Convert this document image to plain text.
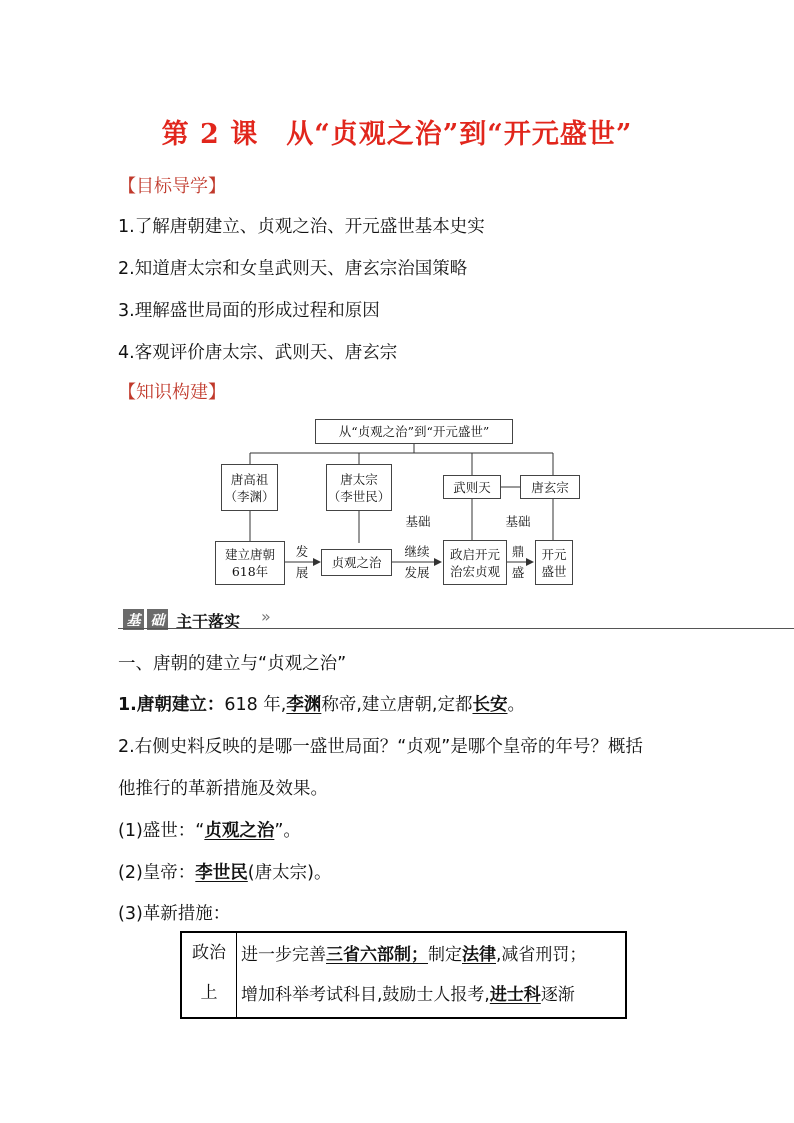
第 2 课　从“贞观之治”到“开元盛世”
【目标导学】
1.了解唐朝建立、贞观之治、开元盛世基本史实
2.知道唐太宗和女皇武则天、唐玄宗治国策略
3.理解盛世局面的形成过程和原因
4.客观评价唐太宗、武则天、唐玄宗
【知识构建】
从“贞观之治”到“开元盛世”
唐高祖
（李渊）
唐太宗
（李世民）
武则天	唐玄宗
基础	基础
建立唐朝
618年
发
展
贞观之治
继续
发展
政启开元
治宏贞观
鼎
盛
开元
盛世
基 础 主干落实 »
一、唐朝的建立与“贞观之治”
1.唐朝建立：618 年,李渊称帝,建立唐朝,定都长安。
2.右侧史料反映的是哪一盛世局面？“贞观”是哪个皇帝的年号？概括
他推行的革新措施及效果。
(1)盛世：“贞观之治”。
(2)皇帝：李世民(唐太宗)。
(3)革新措施：
政治
上

进一步完善三省六部制；制定法律,减省刑罚；
增加科举考试科目,鼓励士人报考,进士科逐渐
